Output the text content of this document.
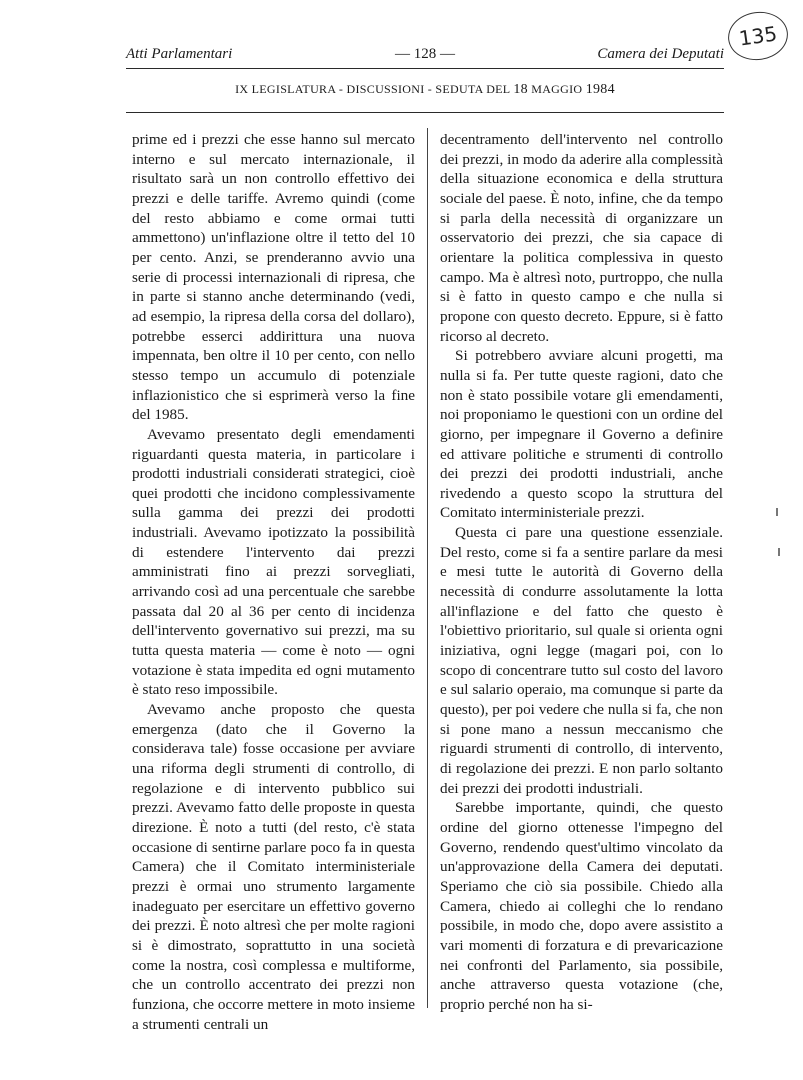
Atti Parlamentari	— 128 —	Camera dei Deputati
135
IX LEGISLATURA - DISCUSSIONI - SEDUTA DEL 18 MAGGIO 1984

prime ed i prezzi che esse hanno sul mercato interno e sul mercato internazionale, il risultato sarà un non controllo effettivo dei prezzi e delle tariffe. Avremo quindi (come del resto abbiamo e come ormai tutti ammettono) un'inflazione oltre il tetto del 10 per cento. Anzi, se prenderanno avvio una serie di processi internazionali di ripresa, che in parte si stanno anche determinando (vedi, ad esempio, la ripresa della corsa del dollaro), potrebbe esserci addirittura una nuova impennata, ben oltre il 10 per cento, con nello stesso tempo un accumulo di potenziale inflazionistico che si esprimerà verso la fine del 1985.

Avevamo presentato degli emendamenti riguardanti questa materia, in particolare i prodotti industriali considerati strategici, cioè quei prodotti che incidono complessivamente sulla gamma dei prezzi dei prodotti industriali. Avevamo ipotizzato la possibilità di estendere l'intervento dai prezzi amministrati fino ai prezzi sorvegliati, arrivando così ad una percentuale che sarebbe passata dal 20 al 36 per cento di incidenza dell'intervento governativo sui prezzi, ma su tutta questa materia — come è noto — ogni votazione è stata impedita ed ogni mutamento è stato reso impossibile.

Avevamo anche proposto che questa emergenza (dato che il Governo la considerava tale) fosse occasione per avviare una riforma degli strumenti di controllo, di regolazione e di intervento pubblico sui prezzi. Avevamo fatto delle proposte in questa direzione. È noto a tutti (del resto, c'è stata occasione di sentirne parlare poco fa in questa Camera) che il Comitato interministeriale prezzi è ormai uno strumento largamente inadeguato per esercitare un effettivo governo dei prezzi. È noto altresì che per molte ragioni si è dimostrato, soprattutto in una società come la nostra, così complessa e multiforme, che un controllo accentrato dei prezzi non funziona, che occorre mettere in moto insieme a strumenti centrali un

decentramento dell'intervento nel controllo dei prezzi, in modo da aderire alla complessità della situazione economica e della struttura sociale del paese. È noto, infine, che da tempo si parla della necessità di organizzare un osservatorio dei prezzi, che sia capace di orientare la politica complessiva in questo campo. Ma è altresì noto, purtroppo, che nulla si è fatto in questo campo e che nulla si propone con questo decreto. Eppure, si è fatto ricorso al decreto.

Si potrebbero avviare alcuni progetti, ma nulla si fa. Per tutte queste ragioni, dato che non è stato possibile votare gli emendamenti, noi proponiamo le questioni con un ordine del giorno, per impegnare il Governo a definire ed attivare politiche e strumenti di controllo dei prezzi dei prodotti industriali, anche rivedendo a questo scopo la struttura del Comitato interministeriale prezzi.

Questa ci pare una questione essenziale. Del resto, come si fa a sentire parlare da mesi e mesi tutte le autorità di Governo della necessità di condurre assolutamente la lotta all'inflazione e del fatto che questo è l'obiettivo prioritario, sul quale si orienta ogni iniziativa, ogni legge (magari poi, con lo scopo di concentrare tutto sul costo del lavoro e sul salario operaio, ma comunque si parte da questo), per poi vedere che nulla si fa, che non si pone mano a nessun meccanismo che riguardi strumenti di controllo, di intervento, di regolazione dei prezzi. E non parlo soltanto dei prezzi dei prodotti industriali.

Sarebbe importante, quindi, che questo ordine del giorno ottenesse l'impegno del Governo, rendendo quest'ultimo vincolato da un'approvazione della Camera dei deputati. Speriamo che ciò sia possibile. Chiedo alla Camera, chiedo ai colleghi che lo rendano possibile, in modo che, dopo avere assistito a vari momenti di forzatura e di prevaricazione nei confronti del Parlamento, sia possibile, anche attraverso questa votazione (che, proprio perché non ha si-
